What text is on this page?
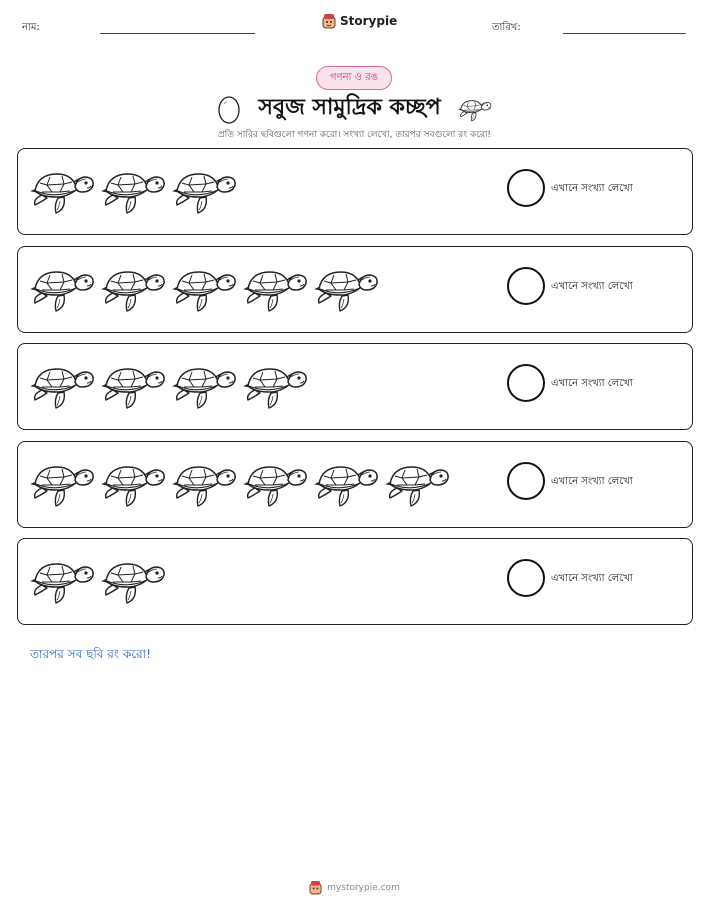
নাম:	Storypie	তারিখ:
গণনা ও রঙ
সবুজ সামুদ্রিক কচ্ছপ
প্রতি সারির ছবিগুলো গণনা করো। সংখ্যা লেখো, তারপর সবগুলো রং করো!
এখানে সংখ্যা লেখো
এখানে সংখ্যা লেখো
এখানে সংখ্যা লেখো
এখানে সংখ্যা লেখো
এখানে সংখ্যা লেখো
তারপর সব ছবি রং করো!
mystorypie.com
